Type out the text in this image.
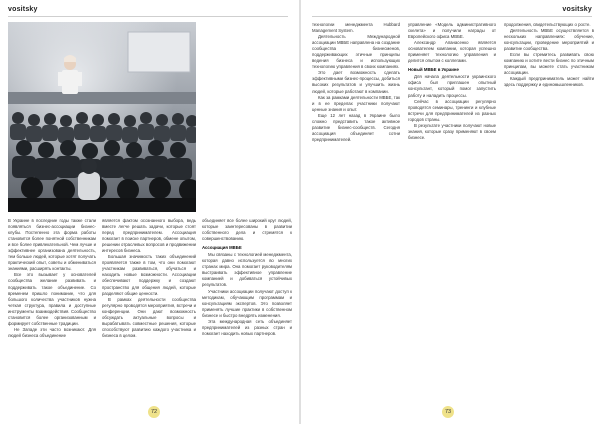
vositsky	vositsky

В Украине в последние годы также стали появляться бизнес-ассоциации бизнес-клубы. Постепенно эта форма работы становится более понятной собственникам и все более привлекательной. Чем лучше и эффективнее организована деятельность, тем больше людей, которые хотят получать практический опыт, советы и обмениваться знаниями, расширять контакты.

Все это вызывает у основателей сообщества желание развивать и поддерживать такое объединение. Со временем пришло понимание, что для большого количества участников нужна четкая структура, правила и доступные инструменты взаимодействия. Сообщество становится более организованным и формирует собственные традиции.

Не Западе эти часто возникают. Для людей бизнеса объединение

является фактом осознанного выбора, ведь вместе легче решать задачи, которые стоят перед предпринимателем. Ассоциация помогает в поиске партнеров, обмене опытом, решении отраслевых вопросов и продвижении интересов бизнеса.

Большая значимость таких объединений проявляется также в том, что они помогают участникам развиваться, обучаться и находить новые возможности. Ассоциации обеспечивают поддержку и создают пространство для общения людей, которые разделяют общие ценности.

В рамках деятельности сообщества регулярно проводятся мероприятия, встречи и конференции. Они дают возможность обсуждать актуальные вопросы и вырабатывать совместные решения, которые способствуют развитию каждого участника и бизнеса в целом.

объединяет все более широкий круг людей, которые заинтересованы в развитии собственного дела и стремятся к совершенствованию.

Ассоциация МВБЕ

Мы связаны с технологией менеджмента, которая давно используется во многих странах мира. Она помогает руководителям выстраивать эффективное управление компанией и добиваться устойчивых результатов.

Участники ассоциации получают доступ к методикам, обучающим программам и консультациям экспертов. Это позволяет применять лучшие практики в собственном бизнесе и быстро внедрять изменения.

Эта международная сеть объединяет предпринимателей из разных стран и помогает находить новых партнеров.

72

технологии менеджмента Hubbard Management System.

Деятельность Международной ассоциации МВБЕ направлена на создание сообщества бизнесменов, поддерживающих этичные принципы ведения бизнеса и использующих технологию управления в своих компаниях.

Это дает возможность сделать эффективными бизнес-процессы, добиться высоких результатов и улучшить жизнь людей, которые работают в компании.

Как за рамками деятельности МВБЕ, так и в ее пределах участники получают ценные знания и опыт.

Еще 12 лет назад в Украине было сложно представить такое активное развитие бизнес-сообществ. Сегодня ассоциация объединяет сотни предпринимателей.

управление «Модель административного скелета» и получили награды от Европейского офиса МВБЕ.

Александр Апанасенко является основателем компании, которая успешно применяет технологию управления и делится опытом с коллегами.

Новый МВБЕ в Украине

Для начала деятельности украинского офиса был приглашен опытный консультант, который помог запустить работу и наладить процессы.

Сейчас в ассоциации регулярно проводятся семинары, тренинги и клубные встречи для предпринимателей из разных городов страны.

В результате участники получают новые знания, которые сразу применяют в своем бизнесе.

продолжения, свидетельствующих о росте.

Деятельность МВБЕ осуществляется в нескольких направлениях: обучение, консультации, проведение мероприятий и развитие сообщества.

Если вы стремитесь развивать свою компанию и хотите вести бизнес по этичным принципам, вы можете стать участником ассоциации.

Каждый предприниматель может найти здесь поддержку и единомышленников.

73
